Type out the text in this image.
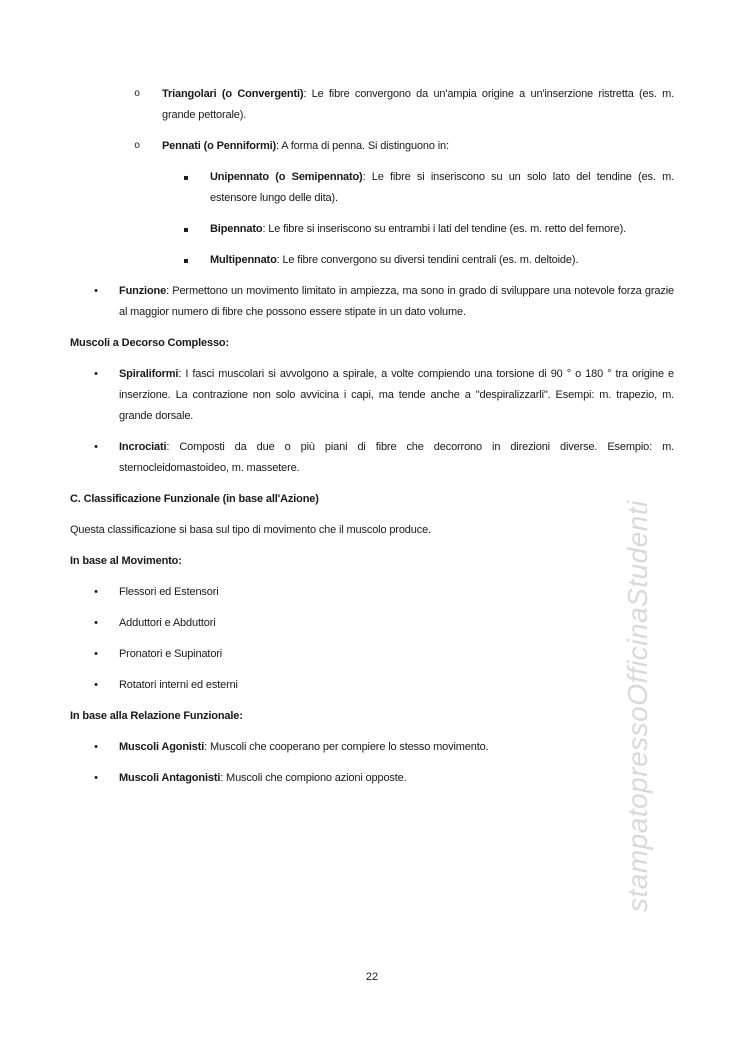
o Triangolari (o Convergenti): Le fibre convergono da un'ampia origine a un'inserzione ristretta (es. m. grande pettorale).
o Pennati (o Penniformi): A forma di penna. Si distinguono in:
▪	Unipennato (o Semipennato): Le fibre si inseriscono su un solo lato del tendine (es. m. estensore lungo delle dita).
▪	Bipennato: Le fibre si inseriscono su entrambi i lati del tendine (es. m. retto del femore).
▪	Multipennato: Le fibre convergono su diversi tendini centrali (es. m. deltoide).
•	Funzione: Permettono un movimento limitato in ampiezza, ma sono in grado di sviluppare una notevole forza grazie al maggior numero di fibre che possono essere stipate in un dato volume.
Muscoli a Decorso Complesso:
•	Spiraliformi: I fasci muscolari si avvolgono a spirale, a volte compiendo una torsione di 90 ° o 180 ° tra origine e inserzione. La contrazione non solo avvicina i capi, ma tende anche a "despiralizzarli". Esempi: m. trapezio, m. grande dorsale.
•	Incrociati: Composti da due o più piani di fibre che decorrono in direzioni diverse. Esempio: m. sternocleidomastoideo, m. massetere.
C. Classificazione Funzionale (in base all'Azione)
Questa classificazione si basa sul tipo di movimento che il muscolo produce.
In base al Movimento:
•	Flessori ed Estensori
•	Adduttori e Abduttori
•	Pronatori e Supinatori
•	Rotatori interni ed esterni
In base alla Relazione Funzionale:
•	Muscoli Agonisti: Muscoli che cooperano per compiere lo stesso movimento.
•	Muscoli Antagonisti: Muscoli che compiono azioni opposte.	stampatopressoOfficinaStudenti
22
